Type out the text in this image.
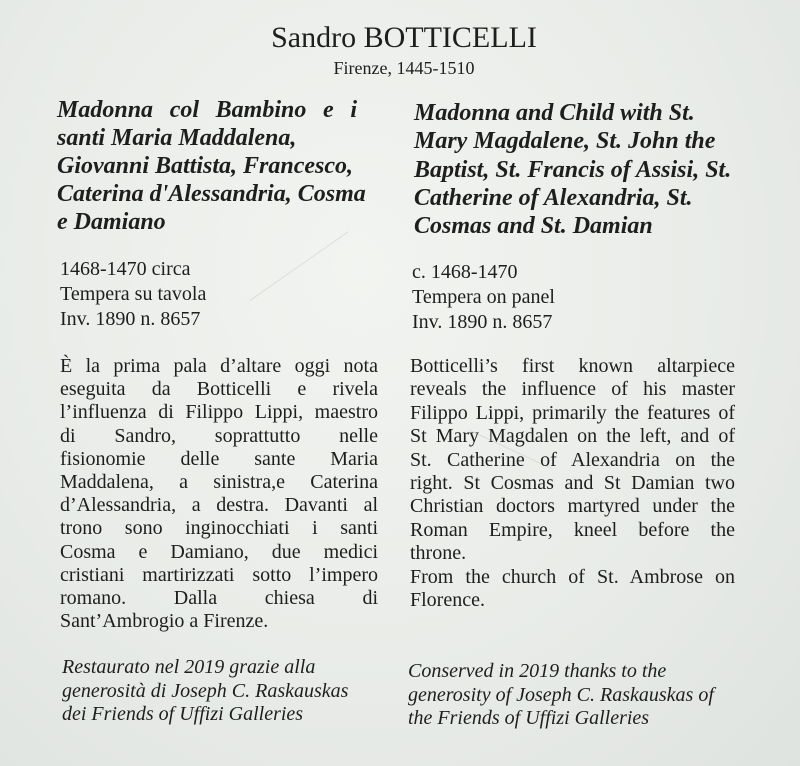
Sandro BOTTICELLI
Firenze, 1445-1510
Madonna col Bambino e i
santi Maria Maddalena,
Giovanni Battista, Francesco,
Caterina d'Alessandria, Cosma
e Damiano
1468-1470 circa
Tempera su tavola
Inv. 1890 n. 8657
È la prima pala d’altare oggi nota
eseguita da Botticelli e rivela
l’influenza di Filippo Lippi, maestro
di Sandro, soprattutto nelle
fisionomie delle sante Maria
Maddalena, a sinistra,e Caterina
d’Alessandria, a destra. Davanti al
trono sono inginocchiati i santi
Cosma e Damiano, due medici
cristiani martirizzati sotto l’impero
romano. Dalla chiesa di
Sant’Ambrogio a Firenze.
Restaurato nel 2019 grazie alla
generosità di Joseph C. Raskauskas
dei Friends of Uffizi Galleries
Madonna and Child with St.
Mary Magdalene, St. John the
Baptist, St. Francis of Assisi, St.
Catherine of Alexandria, St.
Cosmas and St. Damian
c. 1468-1470
Tempera on panel
Inv. 1890 n. 8657
Botticelli’s first known altarpiece
reveals the influence of his master
Filippo Lippi, primarily the features of
St Mary Magdalen on the left, and of
St. Catherine of Alexandria on the
right. St Cosmas and St Damian two
Christian doctors martyred under the
Roman Empire, kneel before the
throne.
From the church of St. Ambrose on
Florence.
Conserved in 2019 thanks to the
generosity of Joseph C. Raskauskas of
the Friends of Uffizi Galleries
